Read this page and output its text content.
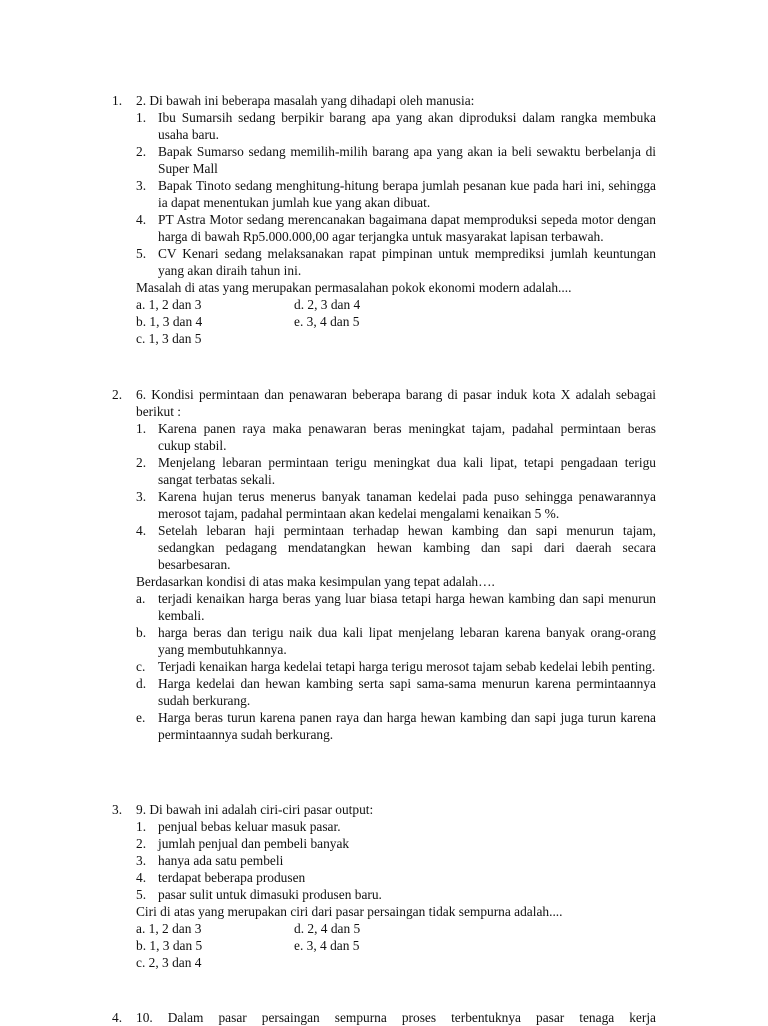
1.	2. Di bawah ini beberapa masalah yang dihadapi oleh manusia:
1. Ibu Sumarsih sedang berpikir barang apa yang akan diproduksi dalam rangka membuka usaha baru.
2. Bapak Sumarso sedang memilih-milih barang apa yang akan ia beli sewaktu berbelanja di Super Mall
3. Bapak Tinoto sedang menghitung-hitung berapa jumlah pesanan kue pada hari ini, sehingga ia dapat menentukan jumlah kue yang akan dibuat.
4. PT Astra Motor sedang merencanakan bagaimana dapat memproduksi sepeda motor dengan harga di bawah Rp5.000.000,00 agar terjangka untuk masyarakat lapisan terbawah.
5. CV Kenari sedang melaksanakan rapat pimpinan untuk memprediksi jumlah keuntungan yang akan diraih tahun ini.
Masalah di atas yang merupakan permasalahan pokok ekonomi modern adalah....
a. 1, 2 dan 3	d. 2, 3 dan 4
b. 1, 3 dan 4	e. 3, 4 dan 5
c. 1, 3 dan 5
2.	6. Kondisi permintaan dan penawaran beberapa barang di pasar induk kota X adalah sebagai berikut :
1. Karena panen raya maka penawaran beras meningkat tajam, padahal permintaan beras cukup stabil.
2. Menjelang lebaran permintaan terigu meningkat dua kali lipat, tetapi pengadaan terigu sangat terbatas sekali.
3. Karena hujan terus menerus banyak tanaman kedelai pada puso sehingga penawarannya merosot tajam, padahal permintaan akan kedelai mengalami kenaikan 5 %.
4. Setelah lebaran haji permintaan terhadap hewan kambing dan sapi menurun tajam, sedangkan pedagang mendatangkan hewan kambing dan sapi dari daerah secara besarbesaran.
Berdasarkan kondisi di atas maka kesimpulan yang tepat adalah….
a. terjadi kenaikan harga beras yang luar biasa tetapi harga hewan kambing dan sapi menurun kembali.
b. harga beras dan terigu naik dua kali lipat menjelang lebaran karena banyak orang-orang yang membutuhkannya.
c. Terjadi kenaikan harga kedelai tetapi harga terigu merosot tajam sebab kedelai lebih penting.
d. Harga kedelai dan hewan kambing serta sapi sama-sama menurun karena permintaannya sudah berkurang.
e. Harga beras turun karena panen raya dan harga hewan kambing dan sapi juga turun karena permintaannya sudah berkurang.
3.	9. Di bawah ini adalah ciri-ciri pasar output:
1. penjual bebas keluar masuk pasar.
2. jumlah penjual dan pembeli banyak
3. hanya ada satu pembeli
4. terdapat beberapa produsen
5. pasar sulit untuk dimasuki produsen baru.
Ciri di atas yang merupakan ciri dari pasar persaingan tidak sempurna adalah....
a. 1, 2 dan 3	d. 2, 4 dan 5
b. 1, 3 dan 5	e. 3, 4 dan 5
c. 2, 3 dan 4
4.	10. Dalam pasar persaingan sempurna proses terbentuknya pasar tenaga kerja
